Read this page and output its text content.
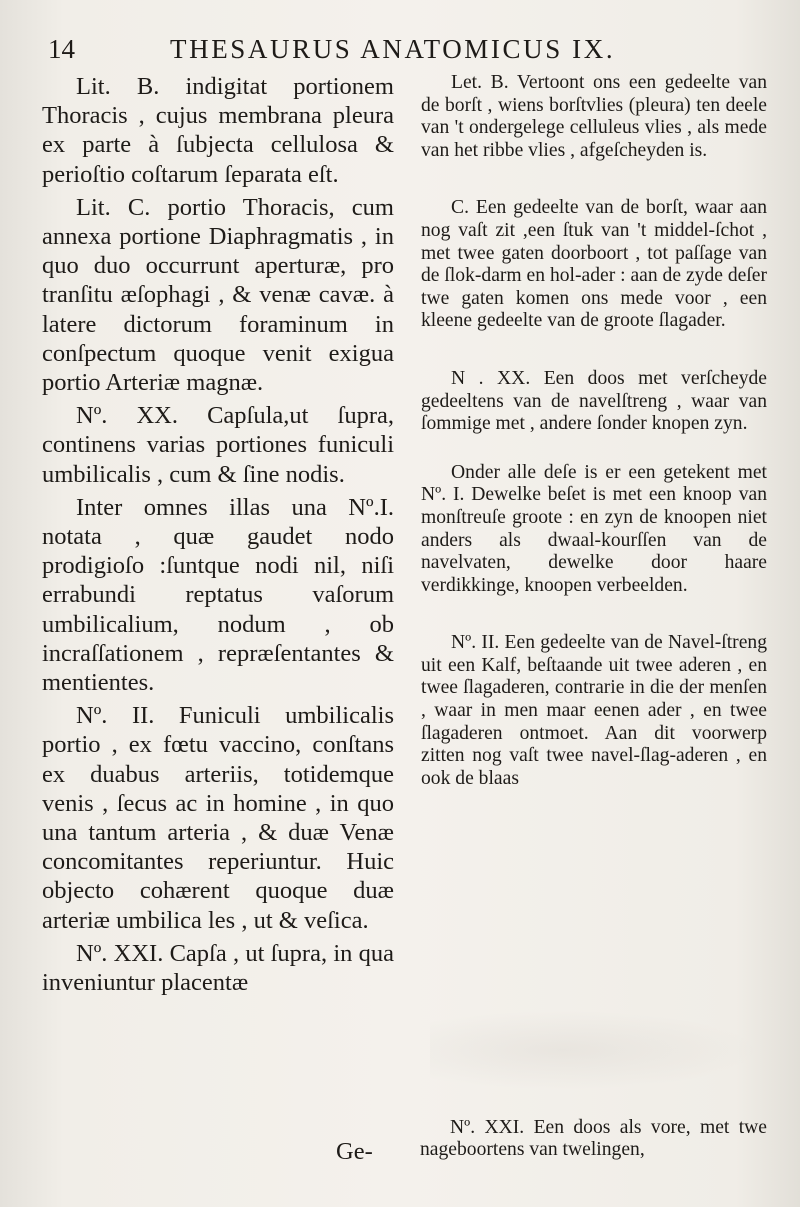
14	THESAURUS ANATOMICUS IX.

Lit. B. indigitat portionem Thoracis , cujus membrana pleura ex parte à ſubjecta cellulosa & perioſtio coſtarum ſeparata eſt.

Lit. C. portio Thoracis, cum annexa portione Diaphragmatis , in quo duo occurrunt aperturæ, pro tranſitu æſophagi , & venæ cavæ. à latere dictorum foraminum in conſpectum quoque venit exigua portio Arteriæ magnæ.

Nº. XX. Capſula,ut ſupra, continens varias portiones funiculi umbilicalis , cum & ſine nodis.

Inter omnes illas una Nº.I. notata , quæ gaudet nodo prodigioſo :ſuntque nodi nil, niſi errabundi reptatus vaſorum umbilicalium, nodum , ob incraſſationem , repræſentantes & mentientes.

Nº. II. Funiculi umbilicalis portio , ex fœtu vaccino, conſtans ex duabus arteriis, totidemque venis , ſecus ac in homine , in quo una tantum arteria , & duæ Venæ concomitantes reperiuntur. Huic objecto cohærent quoque duæ arteriæ umbilica les , ut & veſica.

Nº. XXI. Capſa , ut ſupra, in qua inveniuntur placentæ

Ge-

Let. B. Vertoont ons een gedeelte van de borſt , wiens borſtvlies (pleura) ten deele van 't ondergelege celluleus vlies , als mede van het ribbe vlies , afgeſcheyden is.

C. Een gedeelte van de borſt, waar aan nog vaſt zit ,een ſtuk van 't middel-ſchot , met twee gaten doorboort , tot paſſage van de ſlok-darm en hol-ader : aan de zyde deſer twe gaten komen ons mede voor , een kleene gedeelte van de groote ſlagader.

N . XX. Een doos met verſcheyde gedeeltens van de navelſtreng , waar van ſommige met , andere ſonder knopen zyn.

Onder alle deſe is er een getekent met Nº. I. Dewelke beſet is met een knoop van monſtreuſe groote : en zyn de knoopen niet anders als dwaal-kourſſen van de navelvaten, dewelke door haare verdikkinge, knoopen verbeelden.

Nº. II. Een gedeelte van de Navel-ſtreng uit een Kalf, beſtaande uit twee aderen , en twee ſlagaderen, contrarie in die der menſen , waar in men maar eenen ader , en twee ſlagaderen ontmoet. Aan dit voorwerp zitten nog vaſt twee navel-ſlag-aderen , en ook de blaas

Nº. XXI. Een doos als vore, met twe nageboortens van twelingen,
